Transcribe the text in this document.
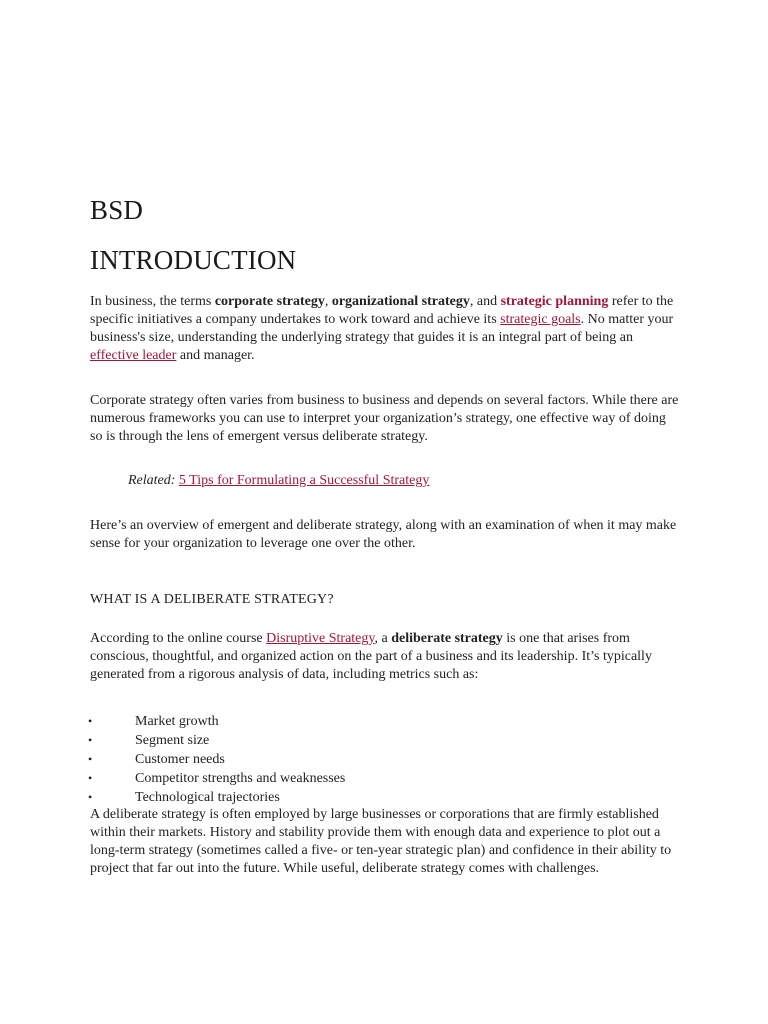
BSD
INTRODUCTION

In business, the terms corporate strategy, organizational strategy, and strategic planning refer to the specific initiatives a company undertakes to work toward and achieve its strategic goals. No matter your business's size, understanding the underlying strategy that guides it is an integral part of being an effective leader and manager.

Corporate strategy often varies from business to business and depends on several factors. While there are numerous frameworks you can use to interpret your organization’s strategy, one effective way of doing so is through the lens of emergent versus deliberate strategy.

Related: 5 Tips for Formulating a Successful Strategy

Here’s an overview of emergent and deliberate strategy, along with an examination of when it may make sense for your organization to leverage one over the other.

WHAT IS A DELIBERATE STRATEGY?

According to the online course Disruptive Strategy, a deliberate strategy is one that arises from conscious, thoughtful, and organized action on the part of a business and its leadership. It’s typically generated from a rigorous analysis of data, including metrics such as:

•	Market growth
•	Segment size
•	Customer needs
•	Competitor strengths and weaknesses
•	Technological trajectories

A deliberate strategy is often employed by large businesses or corporations that are firmly established within their markets. History and stability provide them with enough data and experience to plot out a long-term strategy (sometimes called a five- or ten-year strategic plan) and confidence in their ability to project that far out into the future. While useful, deliberate strategy comes with challenges.
